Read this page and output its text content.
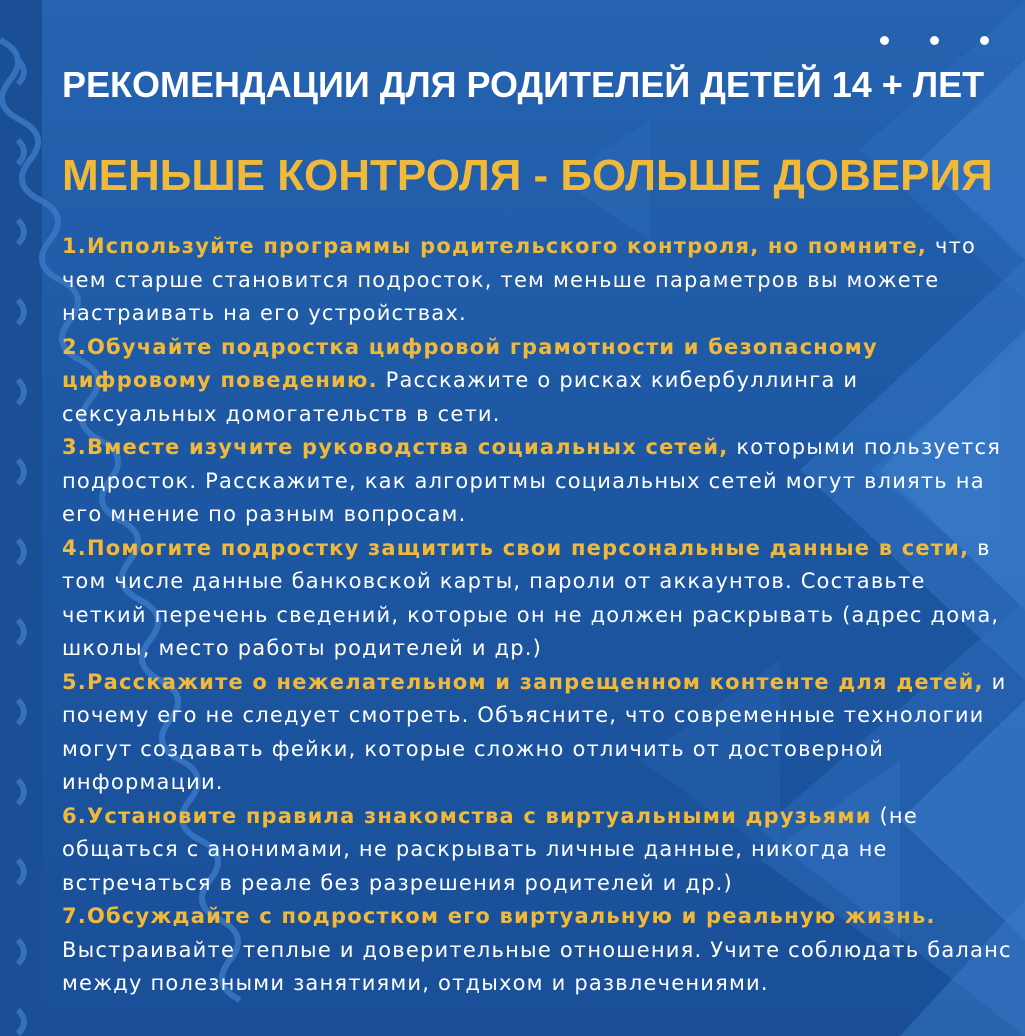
РЕКОМЕНДАЦИИ ДЛЯ РОДИТЕЛЕЙ ДЕТЕЙ 14 + ЛЕТ
МЕНЬШЕ КОНТРОЛЯ - БОЛЬШЕ ДОВЕРИЯ

1.Используйте программы родительского контроля, но помните, что чем старше становится подросток, тем меньше параметров вы можете настраивать на его устройствах.

2.Обучайте подростка цифровой грамотности и безопасному цифровому поведению. Расскажите о рисках кибербуллинга и сексуальных домогательств в сети.

3.Вместе изучите руководства социальных сетей, которыми пользуется подросток. Расскажите, как алгоритмы социальных сетей могут влиять на его мнение по разным вопросам.

4.Помогите подростку защитить свои персональные данные в сети, в том числе данные банковской карты, пароли от аккаунтов. Составьте четкий перечень сведений, которые он не должен раскрывать (адрес дома, школы, место работы родителей и др.)

5.Расскажите о нежелательном и запрещенном контенте для детей, и почему его не следует смотреть. Объясните, что современные технологии могут создавать фейки, которые сложно отличить от достоверной информации.

6.Установите правила знакомства с виртуальными друзьями (не общаться с анонимами, не раскрывать личные данные, никогда не встречаться в реале без разрешения родителей и др.)

7.Обсуждайте с подростком его виртуальную и реальную жизнь. Выстраивайте теплые и доверительные отношения. Учите соблюдать баланс между полезными занятиями, отдыхом и развлечениями.
